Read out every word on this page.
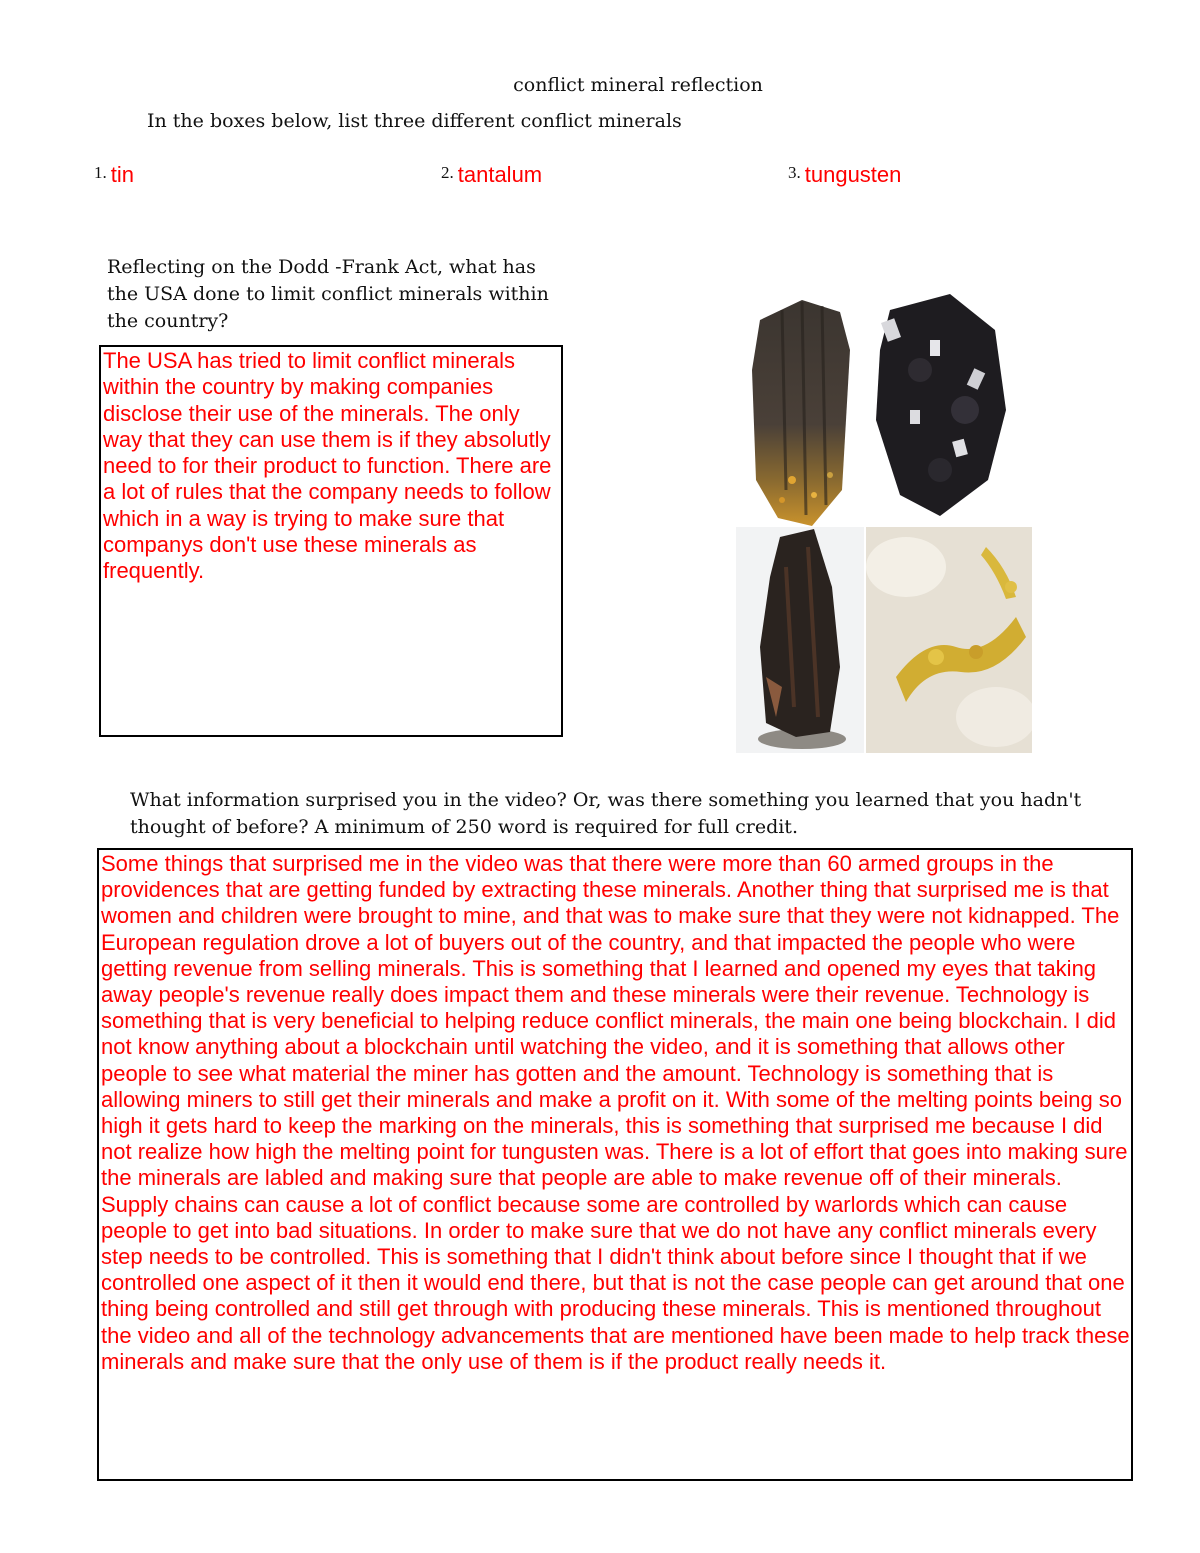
conflict mineral reflection
In the boxes below, list three different conflict minerals
1. tin	2. tantalum	3. tungusten
Reflecting on the Dodd -Frank Act, what has the USA done to limit conflict minerals within the country?

The USA has tried to limit conflict minerals within the country by making companies disclose their use of the minerals. The only way that they can use them is if they absolutly need to for their product to function. There are a lot of rules that the company needs to follow which in a way is trying to make sure that companys don't use these minerals as frequently.

What information surprised you in the video? Or, was there something you learned that you hadn't thought of before? A minimum of 250 word is required for full credit.

Some things that surprised me in the video was that there were more than 60 armed groups in the providences that are getting funded by extracting these minerals. Another thing that surprised me is that women and children were brought to mine, and that was to make sure that they were not kidnapped. The European regulation drove a lot of buyers out of the country, and that impacted the people who were getting revenue from selling minerals. This is something that I learned and opened my eyes that taking away people's revenue really does impact them and these minerals were their revenue. Technology is something that is very beneficial to helping reduce conflict minerals, the main one being blockchain. I did not know anything about a blockchain until watching the video, and it is something that allows other people to see what material the miner has gotten and the amount. Technology is something that is allowing miners to still get their minerals and make a profit on it. With some of the melting points being so high it gets hard to keep the marking on the minerals, this is something that surprised me because I did not realize how high the melting point for tungusten was. There is a lot of effort that goes into making sure the minerals are labled and making sure that people are able to make revenue off of their minerals. Supply chains can cause a lot of conflict because some are controlled by warlords which can cause people to get into bad situations. In order to make sure that we do not have any conflict minerals every step needs to be controlled. This is something that I didn't think about before since I thought that if we controlled one aspect of it then it would end there, but that is not the case people can get around that one thing being controlled and still get through with producing these minerals. This is mentioned throughout the video and all of the technology advancements that are mentioned have been made to help track these minerals and make sure that the only use of them is if the product really needs it.
